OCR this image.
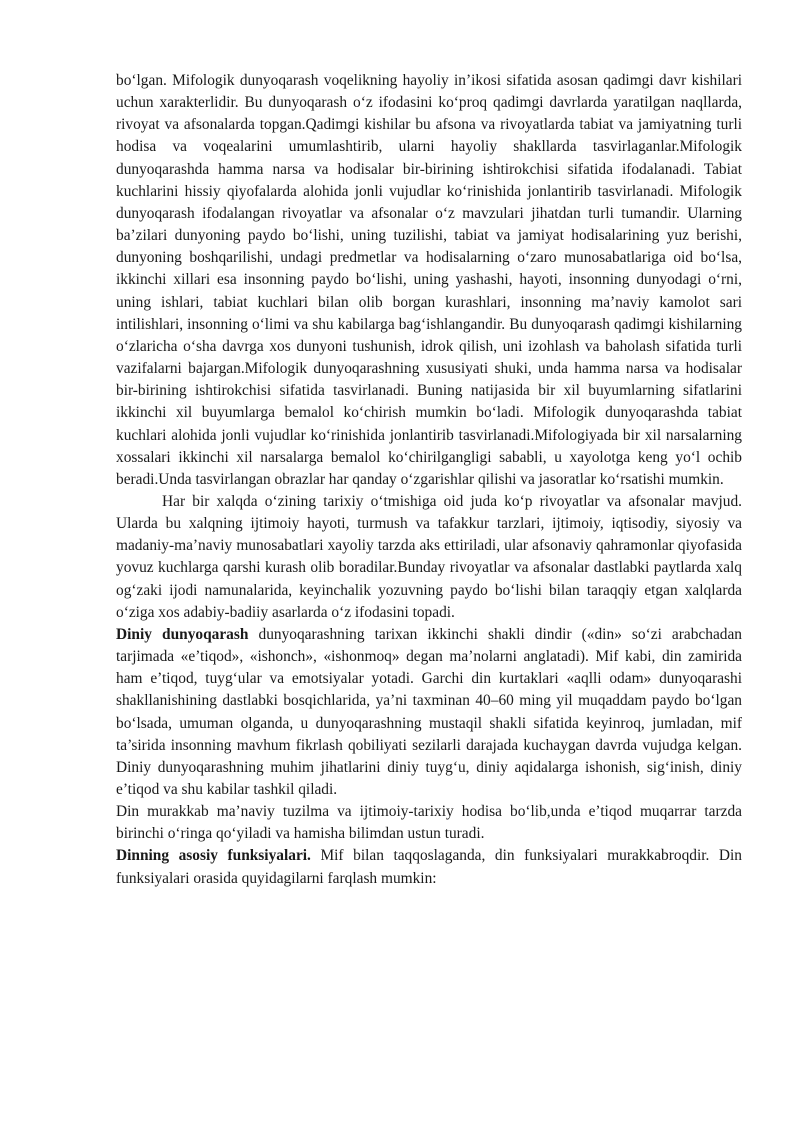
bo‘lgan. Mifologik dunyoqarash voqelikning hayoliy in’ikosi sifatida asosan qadimgi davr kishilari uchun xarakterlidir. Bu dunyoqarash o‘z ifodasini ko‘proq qadimgi davrlarda yaratilgan naqllarda, rivoyat va afsonalarda topgan.Qadimgi kishilar bu afsona va rivoyatlarda tabiat va jamiyatning turli hodisa va voqealarini umumlashtirib, ularni hayoliy shakllarda tasvirlaganlar.Mifologik dunyoqarashda hamma narsa va hodisalar bir-birining ishtirokchisi sifatida ifodalanadi. Tabiat kuchlarini hissiy qiyofalarda alohida jonli vujudlar ko‘rinishida jonlantirib tasvirlanadi. Mifologik dunyoqarash ifodalangan rivoyatlar va afsonalar o‘z mavzulari jihatdan turli tumandir. Ularning ba’zilari dunyoning paydo bo‘lishi, uning tuzilishi, tabiat va jamiyat hodisalarining yuz berishi, dunyoning boshqarilishi, undagi predmetlar va hodisalarning o‘zaro munosabatlariga oid bo‘lsa, ikkinchi xillari esa insonning paydo bo‘lishi, uning yashashi, hayoti, insonning dunyodagi o‘rni, uning ishlari, tabiat kuchlari bilan olib borgan kurashlari, insonning ma’naviy kamolot sari intilishlari, insonning o‘limi va shu kabilarga bag‘ishlangandir. Bu dunyoqarash qadimgi kishilarning o‘zlaricha o‘sha davrga xos dunyoni tushunish, idrok qilish, uni izohlash va baholash sifatida turli vazifalarni bajargan.Mifologik dunyoqarashning xususiyati shuki, unda hamma narsa va hodisalar bir-birining ishtirokchisi sifatida tasvirlanadi. Buning natijasida bir xil buyumlarning sifatlarini ikkinchi xil buyumlarga bemalol ko‘chirish mumkin bo‘ladi. Mifologik dunyoqarashda tabiat kuchlari alohida jonli vujudlar ko‘rinishida jonlantirib tasvirlanadi.Mifologiyada bir xil narsalarning xossalari ikkinchi xil narsalarga bemalol ko‘chirilgangligi sababli, u xayolotga keng yo‘l ochib beradi.Unda tasvirlangan obrazlar har qanday o‘zgarishlar qilishi va jasoratlar ko‘rsatishi mumkin.

Har bir xalqda o‘zining tarixiy o‘tmishiga oid juda ko‘p rivoyatlar va afsonalar mavjud. Ularda bu xalqning ijtimoiy hayoti, turmush va tafakkur tarzlari, ijtimoiy, iqtisodiy, siyosiy va madaniy-ma’naviy munosabatlari xayoliy tarzda aks ettiriladi, ular afsonaviy qahramonlar qiyofasida yovuz kuchlarga qarshi kurash olib boradilar.Bunday rivoyatlar va afsonalar dastlabki paytlarda xalq og‘zaki ijodi namunalarida, keyinchalik yozuvning paydo bo‘lishi bilan taraqqiy etgan xalqlarda o‘ziga xos adabiy-badiiy asarlarda o‘z ifodasini topadi.

Diniy dunyoqarash dunyoqarashning tarixan ikkinchi shakli dindir («din» so‘zi arabchadan tarjimada «e’tiqod», «ishonch», «ishonmoq» degan ma’nolarni anglatadi). Mif kabi, din zamirida ham e’tiqod, tuyg‘ular va emotsiyalar yotadi. Garchi din kurtaklari «aqlli odam» dunyoqarashi shakllanishining dastlabki bosqichlarida, ya’ni taxminan 40–60 ming yil muqaddam paydo bo‘lgan bo‘lsada, umuman olganda, u dunyoqarashning mustaqil shakli sifatida keyinroq, jumladan, mif ta’sirida insonning mavhum fikrlash qobiliyati sezilarli darajada kuchaygan davrda vujudga kelgan. Diniy dunyoqarashning muhim jihatlarini diniy tuyg‘u, diniy aqidalarga ishonish, sig‘inish, diniy e’tiqod va shu kabilar tashkil qiladi.

Din murakkab ma’naviy tuzilma va ijtimoiy-tarixiy hodisa bo‘lib,unda e’tiqod muqarrar tarzda birinchi o‘ringa qo‘yiladi va hamisha bilimdan ustun turadi.

Dinning asosiy funksiyalari. Mif bilan taqqoslaganda, din funksiyalari murakkabroqdir. Din funksiyalari orasida quyidagilarni farqlash mumkin:
